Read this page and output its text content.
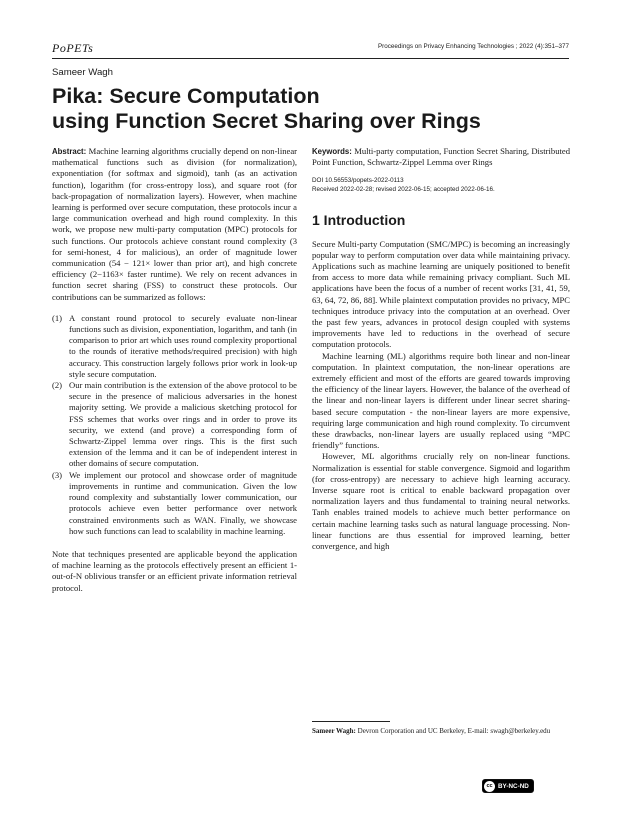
PoPETs	Proceedings on Privacy Enhancing Technologies ; 2022 (4):351–377
Sameer Wagh
Pika: Secure Computation
using Function Secret Sharing over Rings

Abstract: Machine learning algorithms crucially depend on non-linear mathematical functions such as division (for normalization), exponentiation (for softmax and sigmoid), tanh (as an activation function), logarithm (for cross-entropy loss), and square root (for back-propagation of normalization layers). However, when machine learning is performed over secure computation, these protocols incur a large communication overhead and high round complexity. In this work, we propose new multi-party computation (MPC) protocols for such functions. Our protocols achieve constant round complexity (3 for semi-honest, 4 for malicious), an order of magnitude lower communication (54 − 121× lower than prior art), and high concrete efficiency (2−1163× faster runtime). We rely on recent advances in function secret sharing (FSS) to construct these protocols. Our contributions can be summarized as follows:

(1) A constant round protocol to securely evaluate non-linear functions such as division, exponentiation, logarithm, and tanh (in comparison to prior art which uses round complexity proportional to the rounds of iterative methods/required precision) with high accuracy. This construction largely follows prior work in look-up style secure computation.
(2) Our main contribution is the extension of the above protocol to be secure in the presence of malicious adversaries in the honest majority setting. We provide a malicious sketching protocol for FSS schemes that works over rings and in order to prove its security, we extend (and prove) a corresponding form of Schwartz-Zippel lemma over rings. This is the first such extension of the lemma and it can be of independent interest in other domains of secure computation.
(3) We implement our protocol and showcase order of magnitude improvements in runtime and communication. Given the low round complexity and substantially lower communication, our protocols achieve even better performance over network constrained environments such as WAN. Finally, we showcase how such functions can lead to scalability in machine learning.

Note that techniques presented are applicable beyond the application of machine learning as the protocols effectively present an efficient 1-out-of-N oblivious transfer or an efficient private information retrieval protocol.

Keywords: Multi-party computation, Function Secret Sharing, Distributed Point Function, Schwartz-Zippel Lemma over Rings

DOI 10.56553/popets-2022-0113
Received 2022-02-28; revised 2022-06-15; accepted 2022-06-16.
1 Introduction

Secure Multi-party Computation (SMC/MPC) is becoming an increasingly popular way to perform computation over data while maintaining privacy. Applications such as machine learning are uniquely positioned to benefit from access to more data while remaining privacy compliant. Such ML applications have been the focus of a number of recent works [31, 41, 59, 63, 64, 72, 86, 88]. While plaintext computation provides no privacy, MPC techniques introduce privacy into the computation at an overhead. Over the past few years, advances in protocol design coupled with systems improvements have led to reductions in the overhead of secure computation protocols.

Machine learning (ML) algorithms require both linear and non-linear computation. In plaintext computation, the non-linear operations are extremely efficient and most of the efforts are geared towards improving the efficiency of the linear layers. However, the balance of the overhead of the linear and non-linear layers is different under linear secret sharing-based secure computation - the non-linear layers are more expensive, requiring large communication and high round complexity. To circumvent these drawbacks, non-linear layers are usually replaced using “MPC friendly” functions.

However, ML algorithms crucially rely on non-linear functions. Normalization is essential for stable convergence. Sigmoid and logarithm (for cross-entropy) are necessary to achieve high learning accuracy. Inverse square root is critical to enable backward propagation over normalization layers and thus fundamental to training neural networks. Tanh enables trained models to achieve much better performance on certain machine learning tasks such as natural language processing. Non-linear functions are thus essential for improved learning, better convergence, and high

Sameer Wagh: Devron Corporation and UC Berkeley, E-mail: swagh@berkeley.edu
cc BY-NC-ND
